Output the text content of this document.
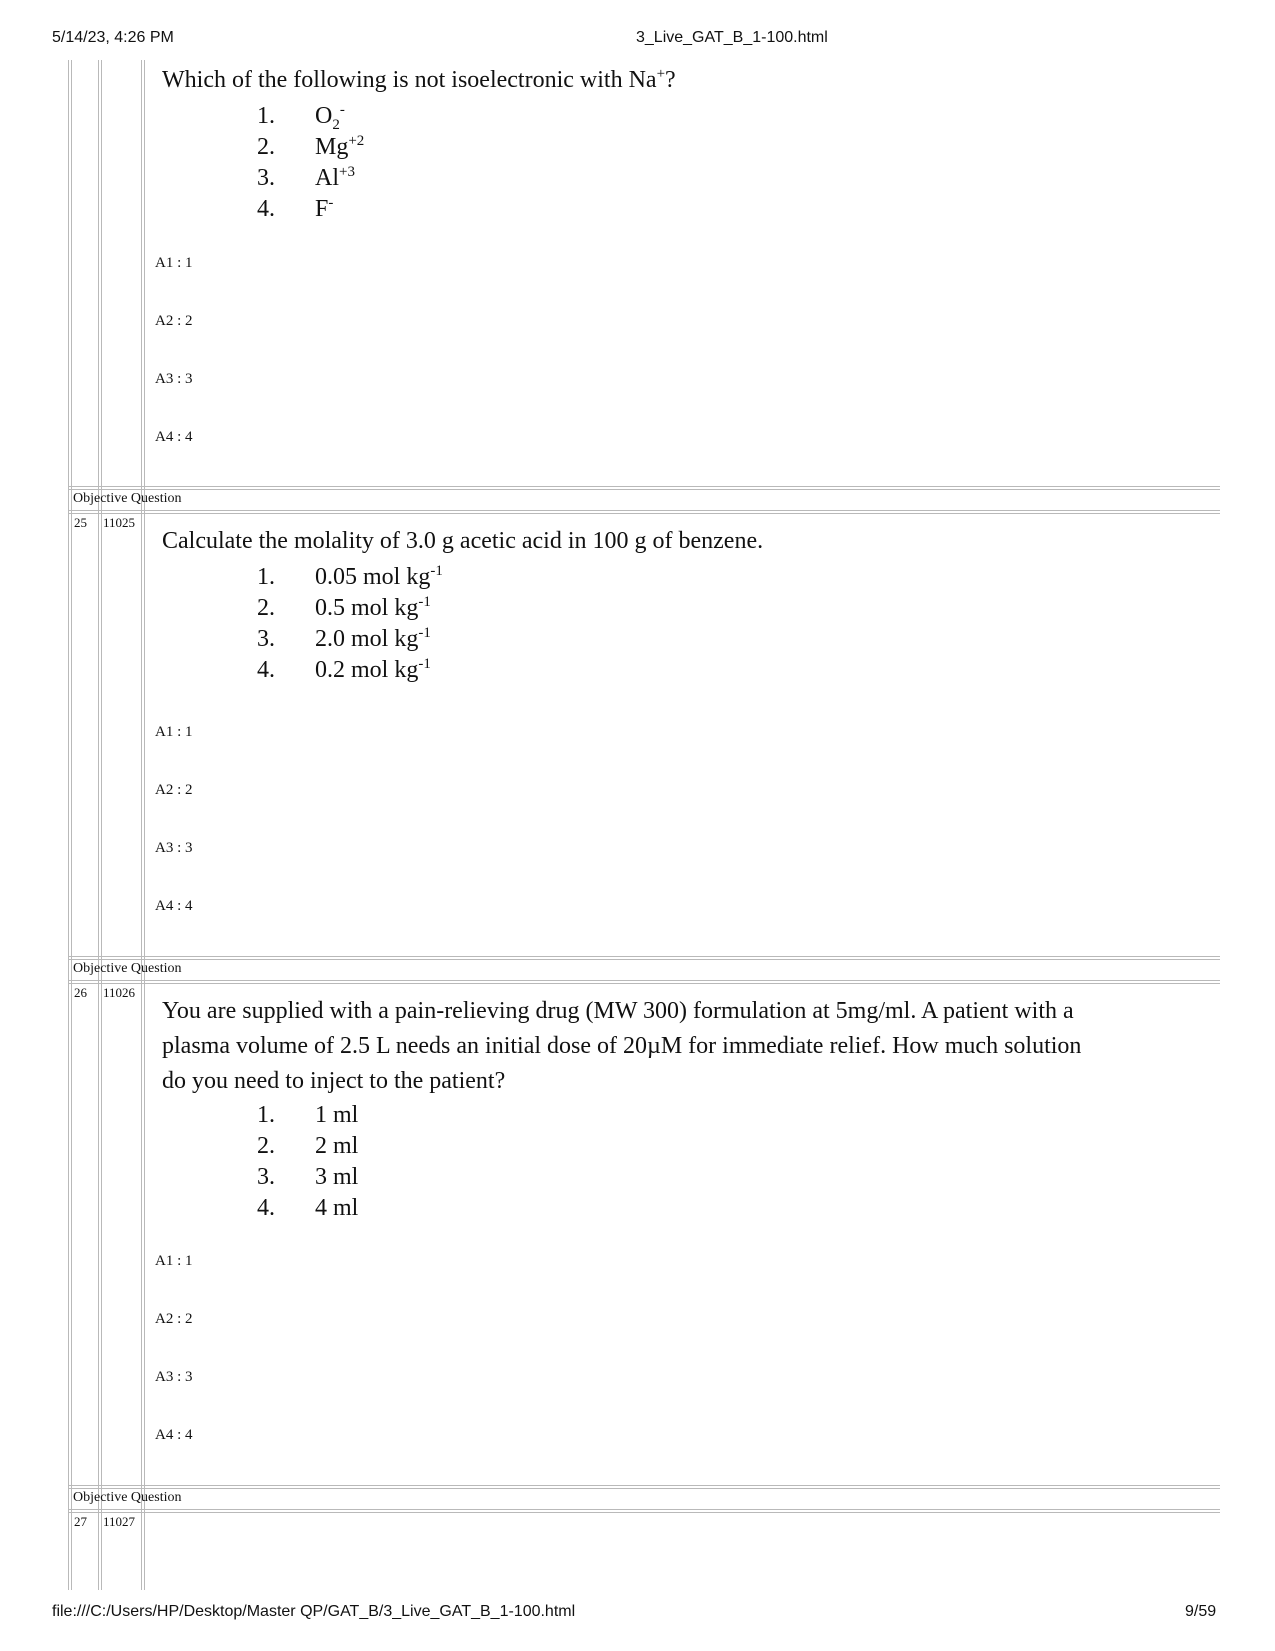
5/14/23, 4:26 PM	3_Live_GAT_B_1-100.html
Which of the following is not isoelectronic with Na+?
1. $O_2^-$
2. $Mg^{+2}$
3. $Al^{+3}$
4. F-
A1 : 1
A2 : 2
A3 : 3
A4 : 4
Objective Question
25 11025
Calculate the molality of 3.0 g acetic acid in 100 g of benzene.
1. 0.05 mol $kg^{-1}$
2. 0.5 mol $kg^{-1}$
3. 2.0 mol $kg^{-1}$
4. 0.2 mol $kg^{-1}$
A1 : 1
A2 : 2
A3 : 3
A4 : 4
Objective Question
26 11026
You are supplied with a pain-relieving drug (MW 300) formulation at 5mg/ml. A patient with a
plasma volume of 2.5 L needs an initial dose of 20µM for immediate relief. How much solution
do you need to inject to the patient?
1. 1 ml
2. 2 ml
3. 3 ml
4. 4 ml
A1 : 1
A2 : 2
A3 : 3
A4 : 4
Objective Question
27 11027
file:///C:/Users/HP/Desktop/Master QP/GAT_B/3_Live_GAT_B_1-100.html	9/59
